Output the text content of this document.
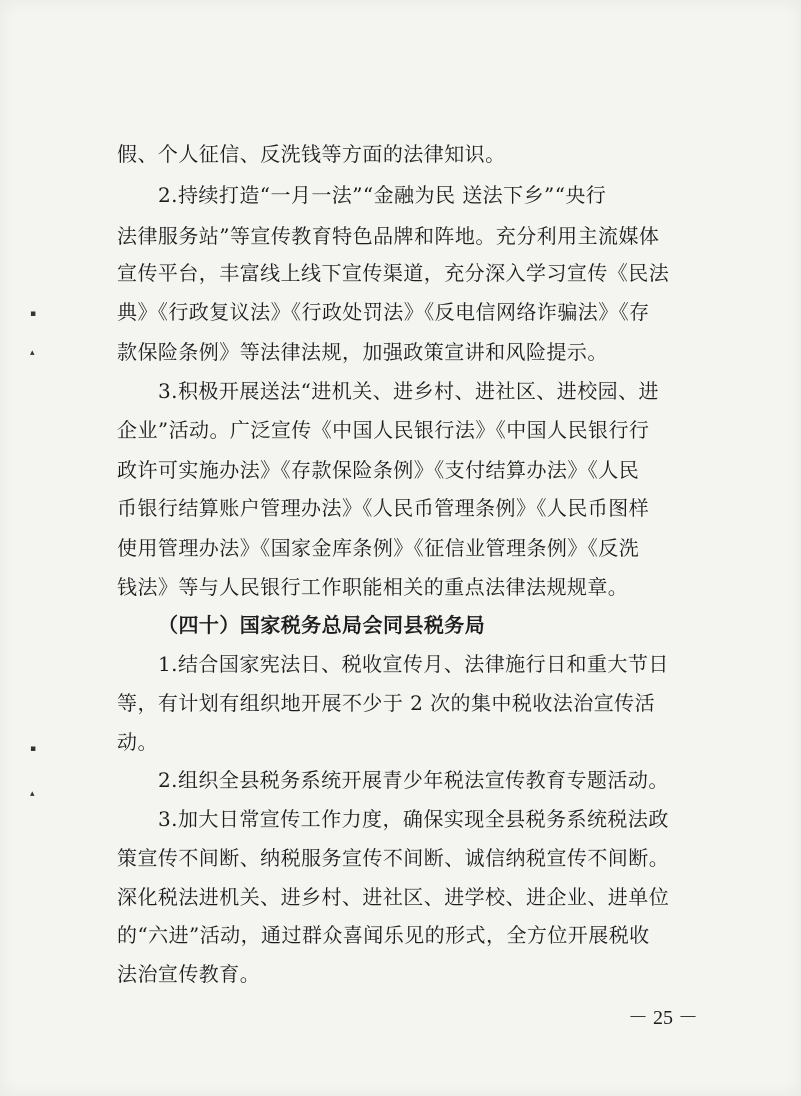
假、个人征信、反洗钱等方面的法律知识。
2.持续打造“一月一法”“金融为民 送法下乡”“央行
法律服务站”等宣传教育特色品牌和阵地。充分利用主流媒体
宣传平台，丰富线上线下宣传渠道，充分深入学习宣传《民法
典》《行政复议法》《行政处罚法》《反电信网络诈骗法》《存
款保险条例》等法律法规，加强政策宣讲和风险提示。
3.积极开展送法“进机关、进乡村、进社区、进校园、进
企业”活动。广泛宣传《中国人民银行法》《中国人民银行行
政许可实施办法》《存款保险条例》《支付结算办法》《人民
币银行结算账户管理办法》《人民币管理条例》《人民币图样
使用管理办法》《国家金库条例》《征信业管理条例》《反洗
钱法》等与人民银行工作职能相关的重点法律法规规章。
（四十）国家税务总局会同县税务局
1.结合国家宪法日、税收宣传月、法律施行日和重大节日
等，有计划有组织地开展不少于 2 次的集中税收法治宣传活
动。
2.组织全县税务系统开展青少年税法宣传教育专题活动。
3.加大日常宣传工作力度，确保实现全县税务系统税法政
策宣传不间断、纳税服务宣传不间断、诚信纳税宣传不间断。
深化税法进机关、进乡村、进社区、进学校、进企业、进单位
的“六进”活动，通过群众喜闻乐见的形式，全方位开展税收
法治宣传教育。
▪
▴
▪
▴
－ 25 －
